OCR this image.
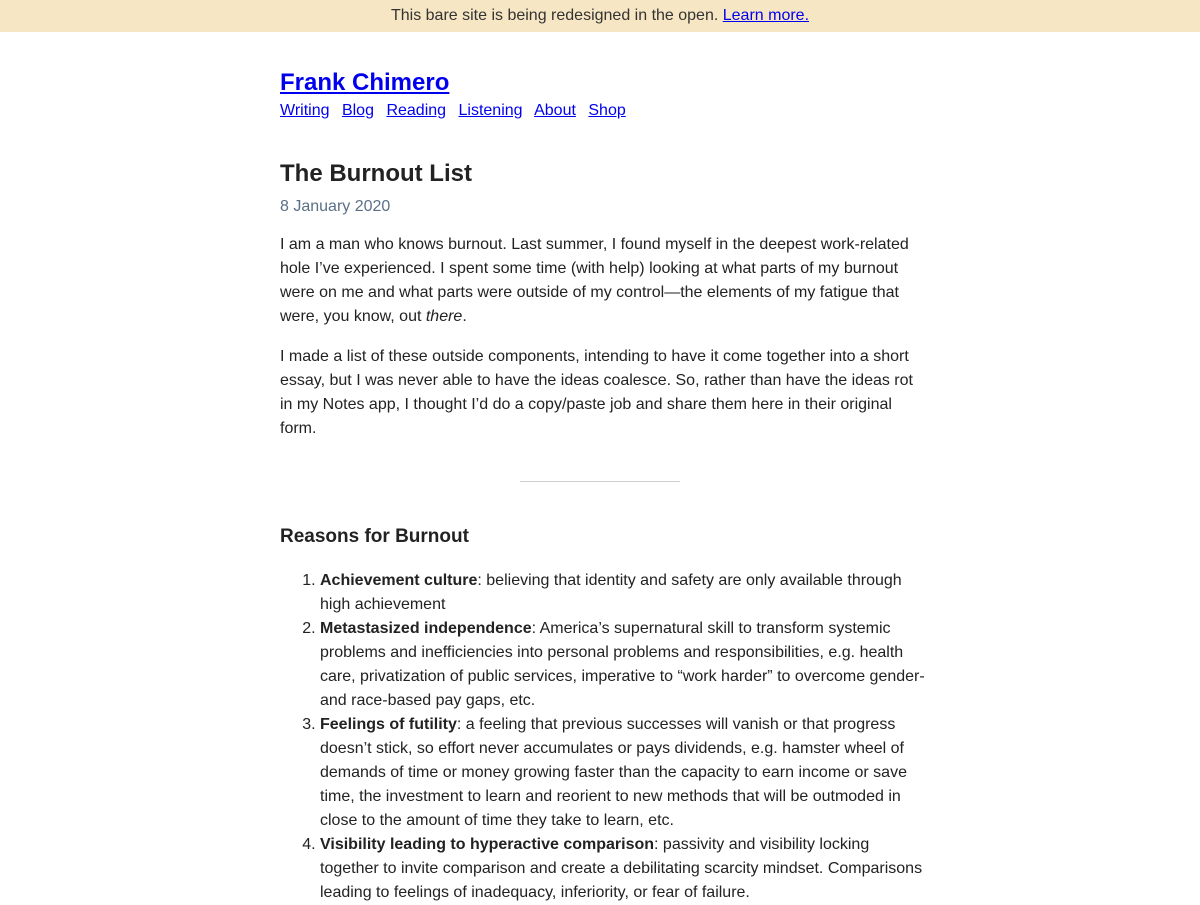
This bare site is being redesigned in the open. Learn more.
Frank Chimero
Writing Blog Reading Listening About Shop
The Burnout List
8 January 2020

I am a man who knows burnout. Last summer, I found myself in the deepest work-related hole I’ve experienced. I spent some time (with help) looking at what parts of my burnout were on me and what parts were outside of my control—the elements of my fatigue that were, you know, out there.

I made a list of these outside components, intending to have it come together into a short essay, but I was never able to have the ideas coalesce. So, rather than have the ideas rot in my Notes app, I thought I’d do a copy/paste job and share them here in their original form.

Reasons for Burnout
1. Achievement culture: believing that identity and safety are only available through high achievement
2. Metastasized independence: America’s supernatural skill to transform systemic problems and inefficiencies into personal problems and responsibilities, e.g. health care, privatization of public services, imperative to “work harder” to overcome gender- and race-based pay gaps, etc.
3. Feelings of futility: a feeling that previous successes will vanish or that progress doesn’t stick, so effort never accumulates or pays dividends, e.g. hamster wheel of demands of time or money growing faster than the capacity to earn income or save time, the investment to learn and reorient to new methods that will be outmoded in close to the amount of time they take to learn, etc.
4. Visibility leading to hyperactive comparison: passivity and visibility locking together to invite comparison and create a debilitating scarcity mindset. Comparisons leading to feelings of inadequacy, inferiority, or fear of failure.
